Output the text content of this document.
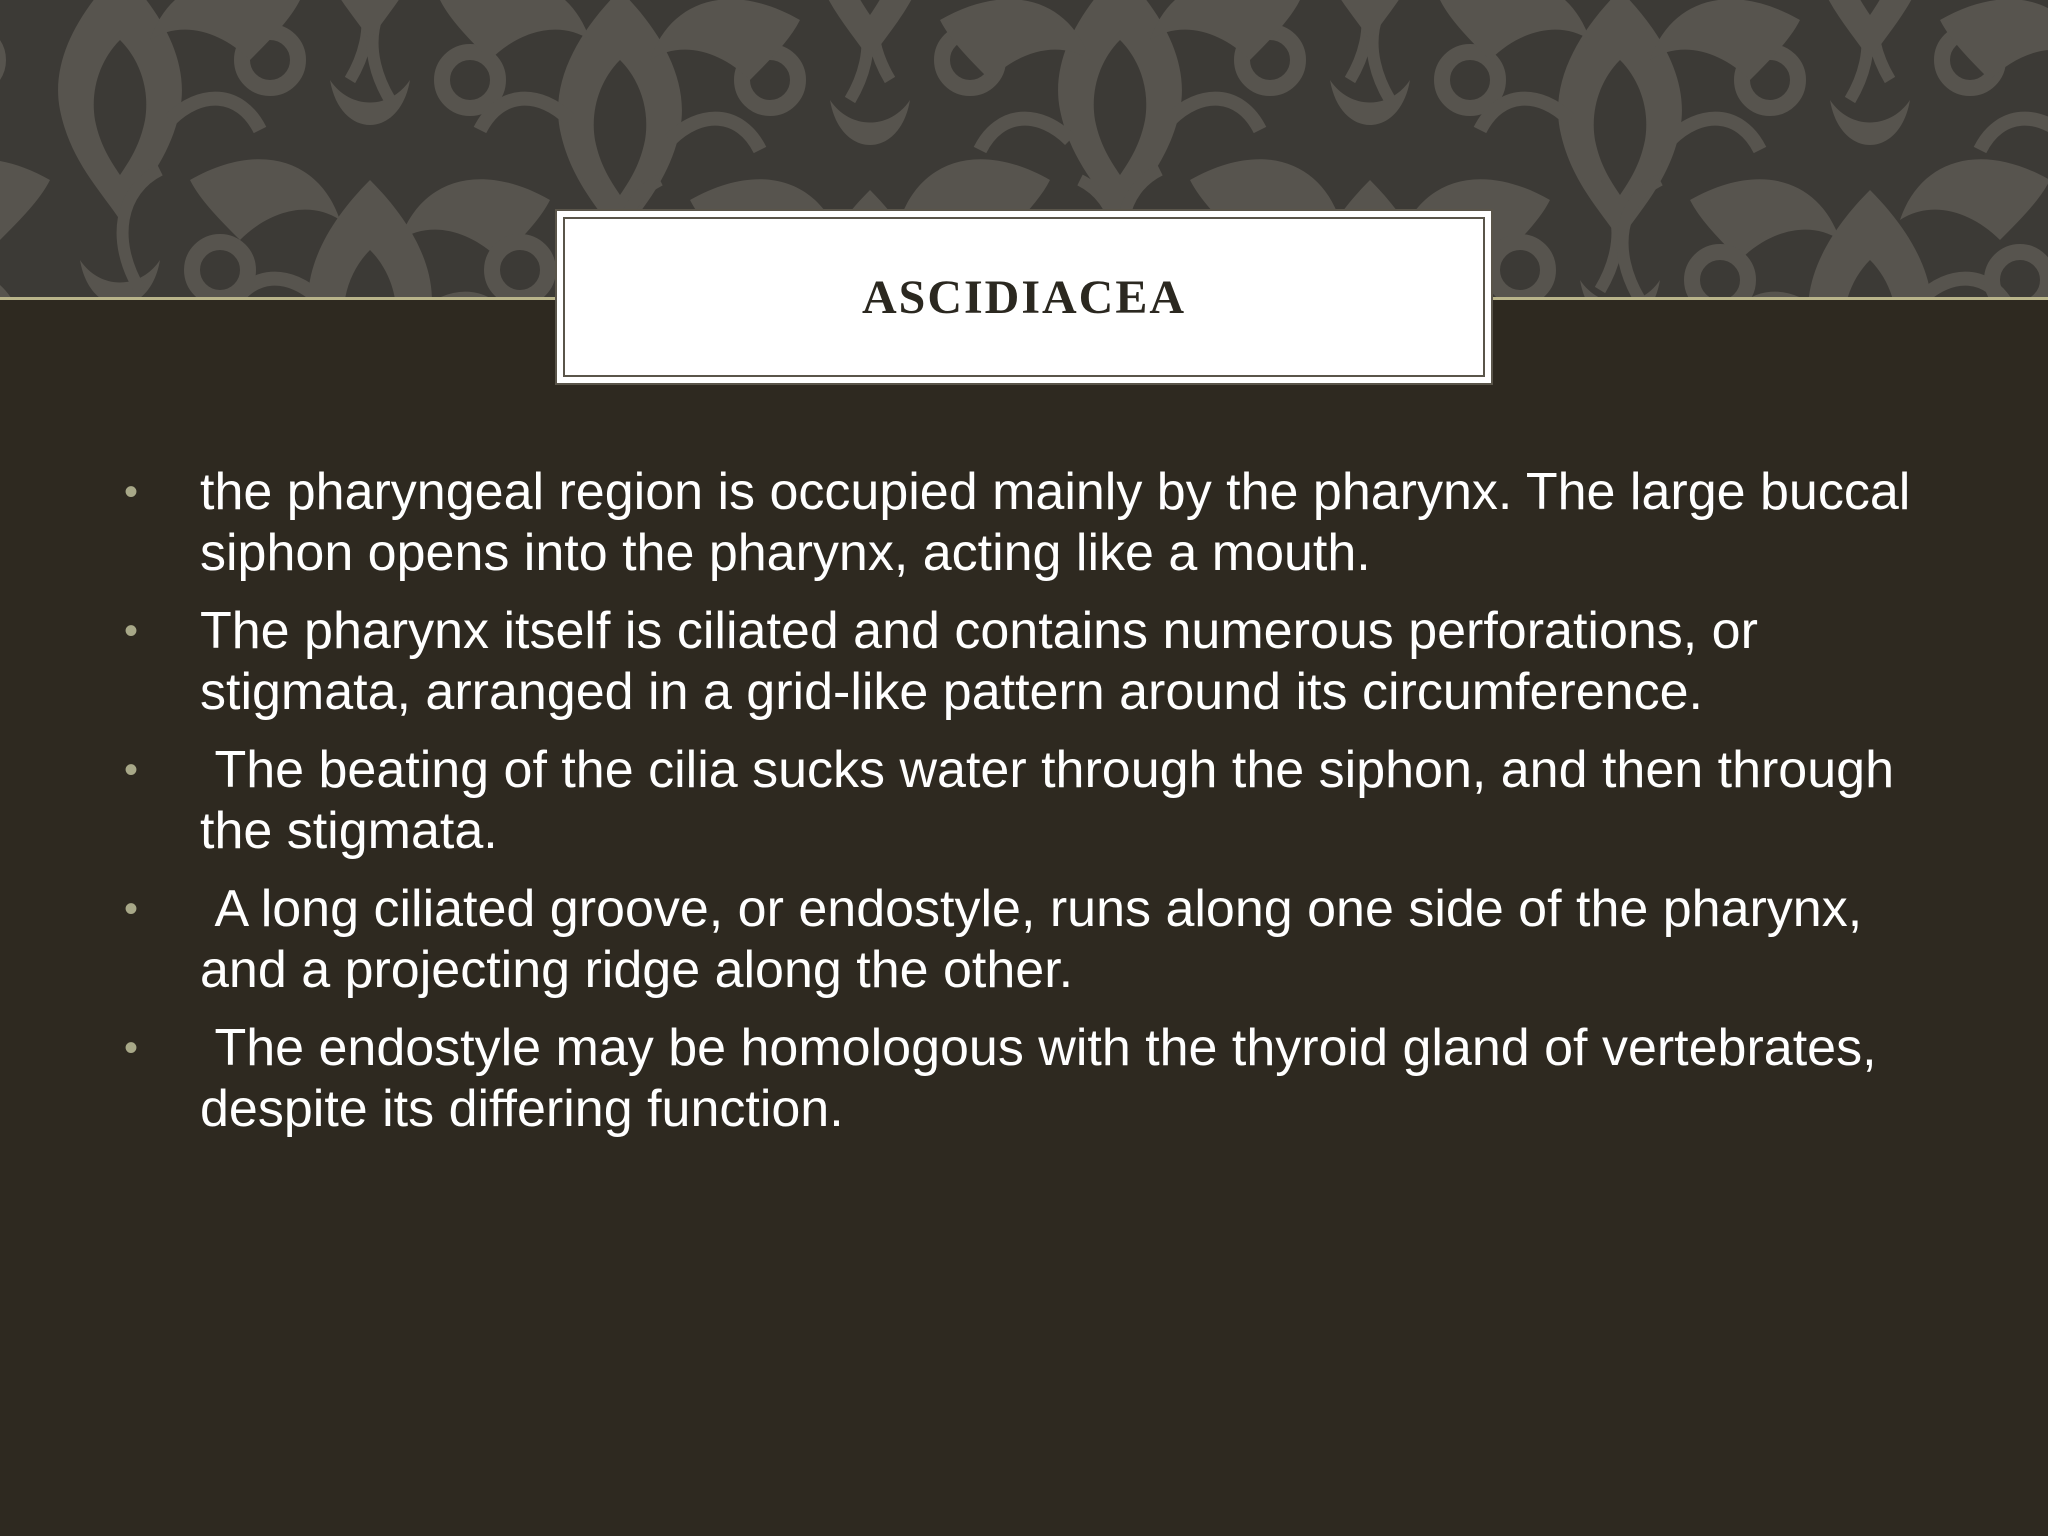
ASCIDIACEA
• the pharyngeal region is occupied mainly by the pharynx. The large buccal siphon opens into the pharynx, acting like a mouth.
• The pharynx itself is ciliated and contains numerous perforations, or stigmata, arranged in a grid-like pattern around its circumference.
• The beating of the cilia sucks water through the siphon, and then through the stigmata.
• A long ciliated groove, or endostyle, runs along one side of the pharynx, and a projecting ridge along the other.
• The endostyle may be homologous with the thyroid gland of vertebrates, despite its differing function.
